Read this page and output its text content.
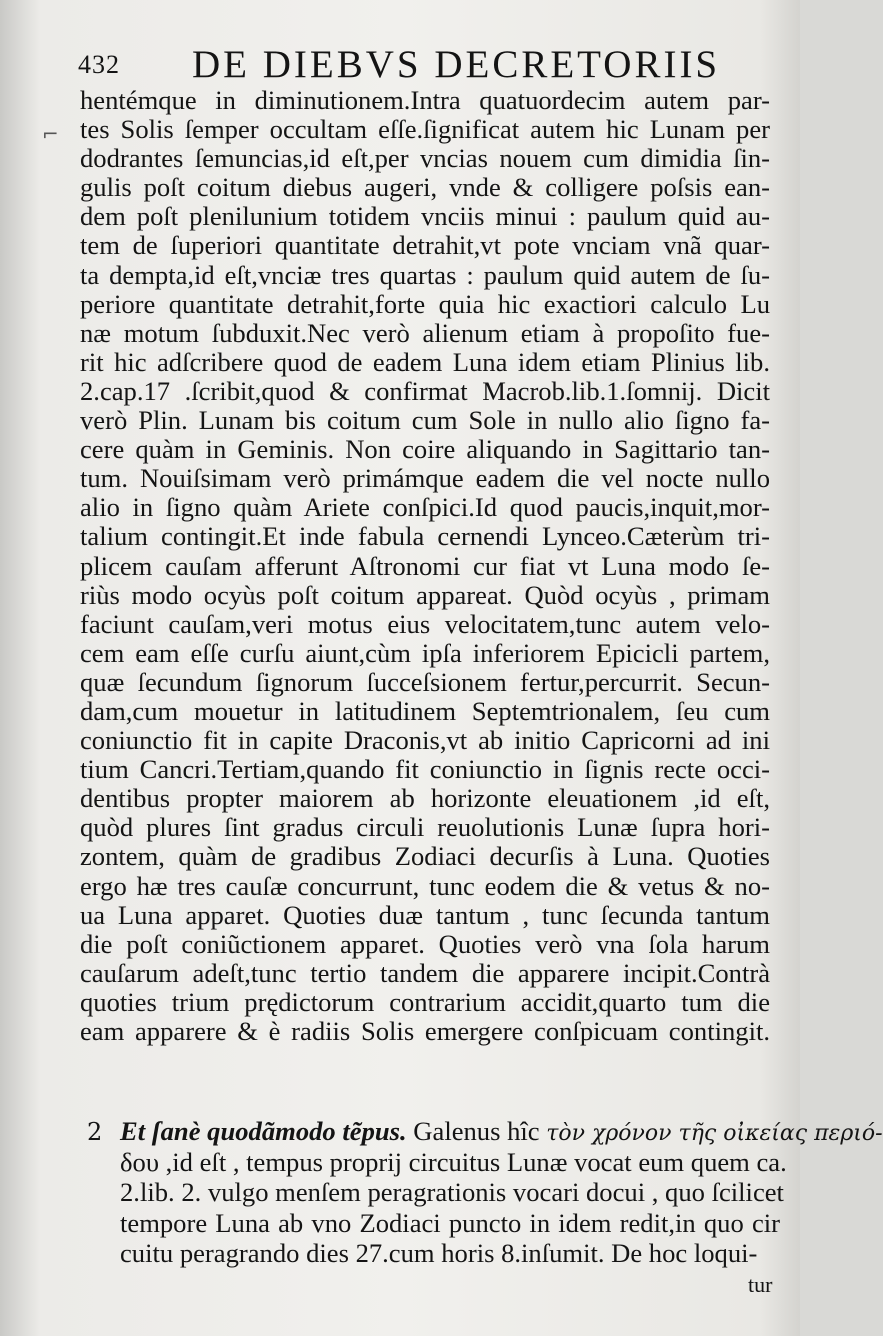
432 DE DIEBVS DECRETORIIS
⌐
hentémque in diminutionem.Intra quatuordecim autem par-
tes Solis ſemper occultam eſſe.ſignificat autem hic Lunam per
dodrantes ſemuncias,id eſt,per vncias nouem cum dimidia ſin-
gulis poſt coitum diebus augeri, vnde & colligere poſsis ean-
dem poſt plenilunium totidem vnciis minui : paulum quid au-
tem de ſuperiori quantitate detrahit,vt pote vnciam vnã quar-
ta dempta,id eſt,vnciæ tres quartas : paulum quid autem de ſu-
periore quantitate detrahit,forte quia hic exactiori calculo Lu
næ motum ſubduxit.Nec verò alienum etiam à propoſito fue-
rit hic adſcribere quod de eadem Luna idem etiam Plinius lib.
2.cap.17 .ſcribit,quod & confirmat Macrob.lib.1.ſomnij. Dicit
verò Plin. Lunam bis coitum cum Sole in nullo alio ſigno fa-
cere quàm in Geminis. Non coire aliquando in Sagittario tan-
tum. Nouiſsimam verò primámque eadem die vel nocte nullo
alio in ſigno quàm Ariete conſpici.Id quod paucis,inquit,mor-
talium contingit.Et inde fabula cernendi Lynceo.Cæterùm tri-
plicem cauſam afferunt Aſtronomi cur fiat vt Luna modo ſe-
riùs modo ocyùs poſt coitum appareat. Quòd ocyùs , primam
faciunt cauſam,veri motus eius velocitatem,tunc autem velo-
cem eam eſſe curſu aiunt,cùm ipſa inferiorem Epicicli partem,
quæ ſecundum ſignorum ſucceſsionem fertur,percurrit. Secun-
dam,cum mouetur in latitudinem Septemtrionalem, ſeu cum
coniunctio fit in capite Draconis,vt ab initio Capricorni ad ini
tium Cancri.Tertiam,quando fit coniunctio in ſignis recte occi-
dentibus propter maiorem ab horizonte eleuationem ,id eſt,
quòd plures ſint gradus circuli reuolutionis Lunæ ſupra hori-
zontem, quàm de gradibus Zodiaci decurſis à Luna. Quoties
ergo hæ tres cauſæ concurrunt, tunc eodem die & vetus & no-
ua Luna apparet. Quoties duæ tantum , tunc ſecunda tantum
die poſt coniũctionem apparet. Quoties verò vna ſola harum
cauſarum adeſt,tunc tertio tandem die apparere incipit.Contrà
quoties trium prędictorum contrarium accidit,quarto tum die
eam apparere & è radiis Solis emergere conſpicuam contingit.
2 Et ſanè quodãmodo tẽpus. Galenus hîc τὸν χρόνον τῆς οἰκείας περιό-
δου ,id eſt , tempus proprij circuitus Lunæ vocat eum quem ca.
2.lib. 2. vulgo menſem peragrationis vocari docui , quo ſcilicet
tempore Luna ab vno Zodiaci puncto in idem redit,in quo cir
cuitu peragrando dies 27.cum horis 8.inſumit. De hoc loqui-
tur
